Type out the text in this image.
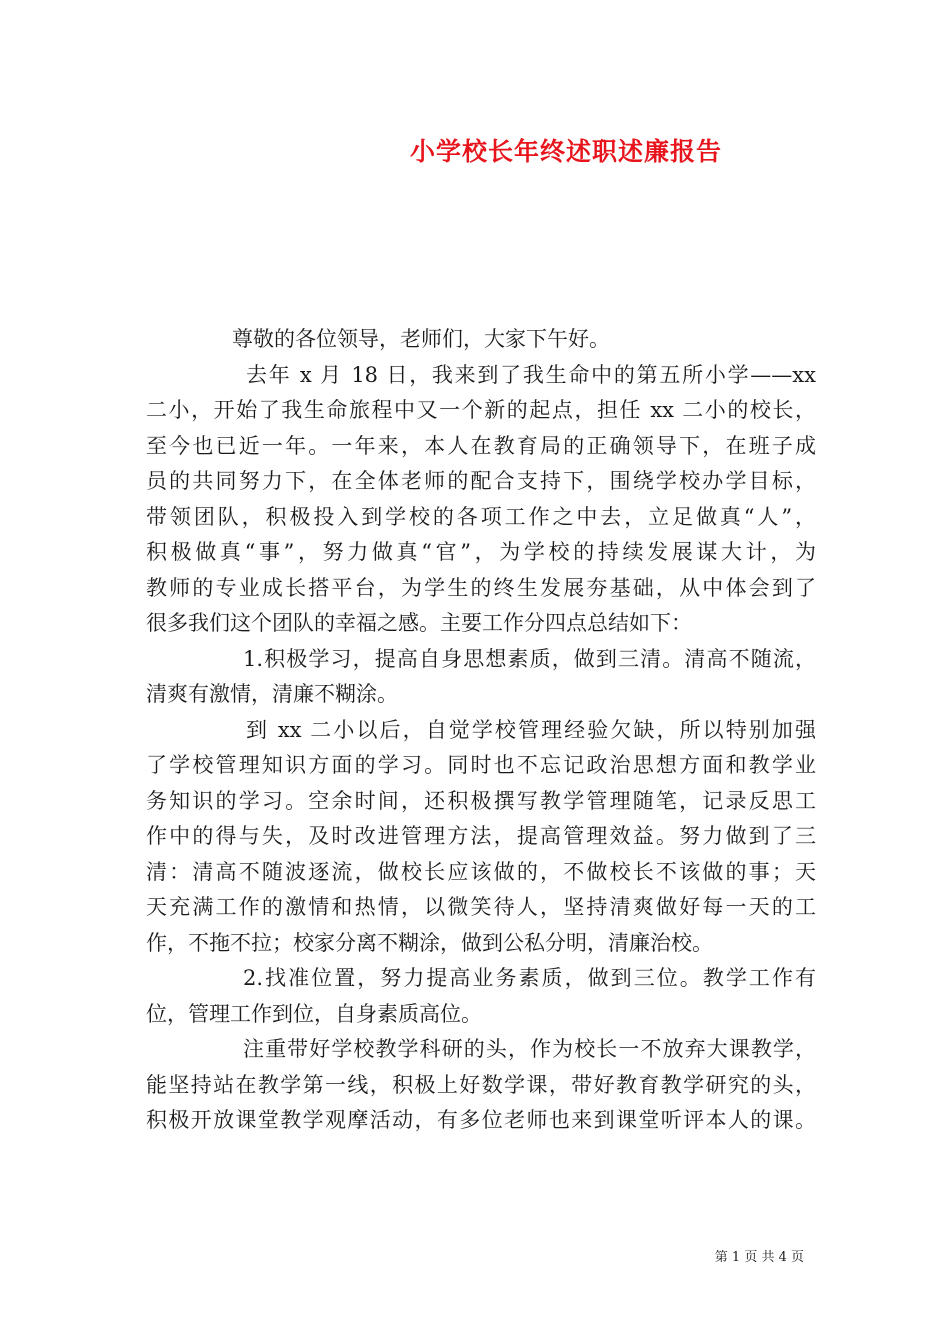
小学校长年终述职述廉报告
尊敬的各位领导，老师们，大家下午好。
去年 x 月 18 日，我来到了我生命中的第五所小学——xx
二小，开始了我生命旅程中又一个新的起点，担任 xx 二小的校长，
至今也已近一年。一年来，本人在教育局的正确领导下，在班子成
员的共同努力下，在全体老师的配合支持下，围绕学校办学目标，
带领团队，积极投入到学校的各项工作之中去，立足做真“人”，
积极做真“事”，努力做真“官”，为学校的持续发展谋大计，为
教师的专业成长搭平台，为学生的终生发展夯基础，从中体会到了
很多我们这个团队的幸福之感。主要工作分四点总结如下：
1.积极学习，提高自身思想素质，做到三清。清高不随流，
清爽有激情，清廉不糊涂。
到 xx 二小以后，自觉学校管理经验欠缺，所以特别加强
了学校管理知识方面的学习。同时也不忘记政治思想方面和教学业
务知识的学习。空余时间，还积极撰写教学管理随笔，记录反思工
作中的得与失，及时改进管理方法，提高管理效益。努力做到了三
清：清高不随波逐流，做校长应该做的，不做校长不该做的事；天
天充满工作的激情和热情，以微笑待人，坚持清爽做好每一天的工
作，不拖不拉；校家分离不糊涂，做到公私分明，清廉治校。
2.找准位置，努力提高业务素质，做到三位。教学工作有
位，管理工作到位，自身素质高位。
注重带好学校教学科研的头，作为校长一不放弃大课教学，
能坚持站在教学第一线，积极上好数学课，带好教育教学研究的头，
积极开放课堂教学观摩活动，有多位老师也来到课堂听评本人的课。
第 1 页 共 4 页
